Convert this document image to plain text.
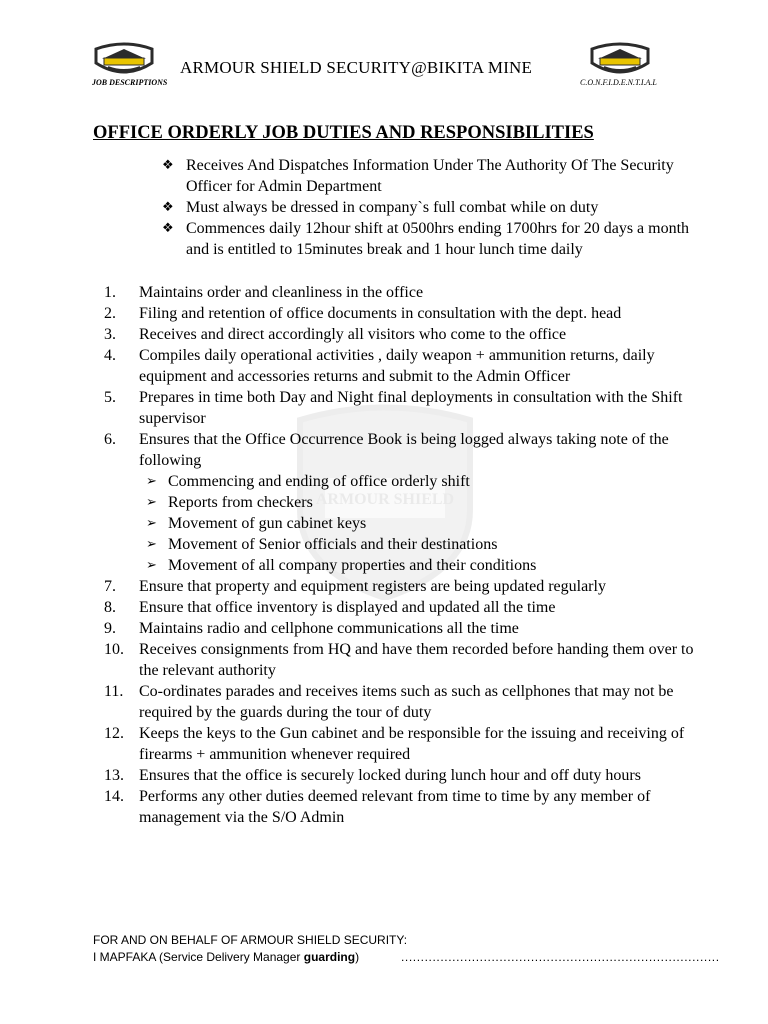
ARMOUR SHIELD
ARMOUR SHIELD SECURITY@BIKITA MINE
JOB DESCRIPTIONS	C.O.N.F.I.D.E.N.T.I.A.L
OFFICE ORDERLY JOB DUTIES AND RESPONSIBILITIES
❖ Receives And Dispatches Information Under The Authority Of The Security Officer for Admin Department
❖ Must always be dressed in company`s full combat while on duty
❖ Commences daily 12hour shift at 0500hrs ending 1700hrs for 20 days a month and is entitled to 15minutes break and 1 hour lunch time daily
1.	Maintains order and cleanliness in the office
2.	Filing and retention of office documents in consultation with the dept. head
3.	Receives and direct accordingly all visitors who come to the office
4.	Compiles daily operational activities , daily weapon + ammunition returns, daily equipment and accessories returns and submit to the Admin Officer
5.	Prepares in time both Day and Night final deployments in consultation with the Shift supervisor
6.	Ensures that the Office Occurrence Book is being logged always taking note of the following
➢ Commencing and ending of office orderly shift
➢ Reports from checkers
➢ Movement of gun cabinet keys
➢ Movement of Senior officials and their destinations
➢ Movement of all company properties and their conditions
7.	Ensure that property and equipment registers are being updated regularly
8.	Ensure that office inventory is displayed and updated all the time
9.	Maintains radio and cellphone communications all the time
10. Receives consignments from HQ and have them recorded before handing them over to the relevant authority
11. Co-ordinates parades and receives items such as such as cellphones that may not be required by the guards during the tour of duty
12. Keeps the keys to the Gun cabinet and be responsible for the issuing and receiving of firearms + ammunition whenever required
13. Ensures that the office is securely locked during lunch hour and off duty hours
14. Performs any other duties deemed relevant from time to time by any member of management via the S/O Admin
FOR AND ON BEHALF OF ARMOUR SHIELD SECURITY:
I MAPFAKA (Service Delivery Manager guarding)	.................................................................................
